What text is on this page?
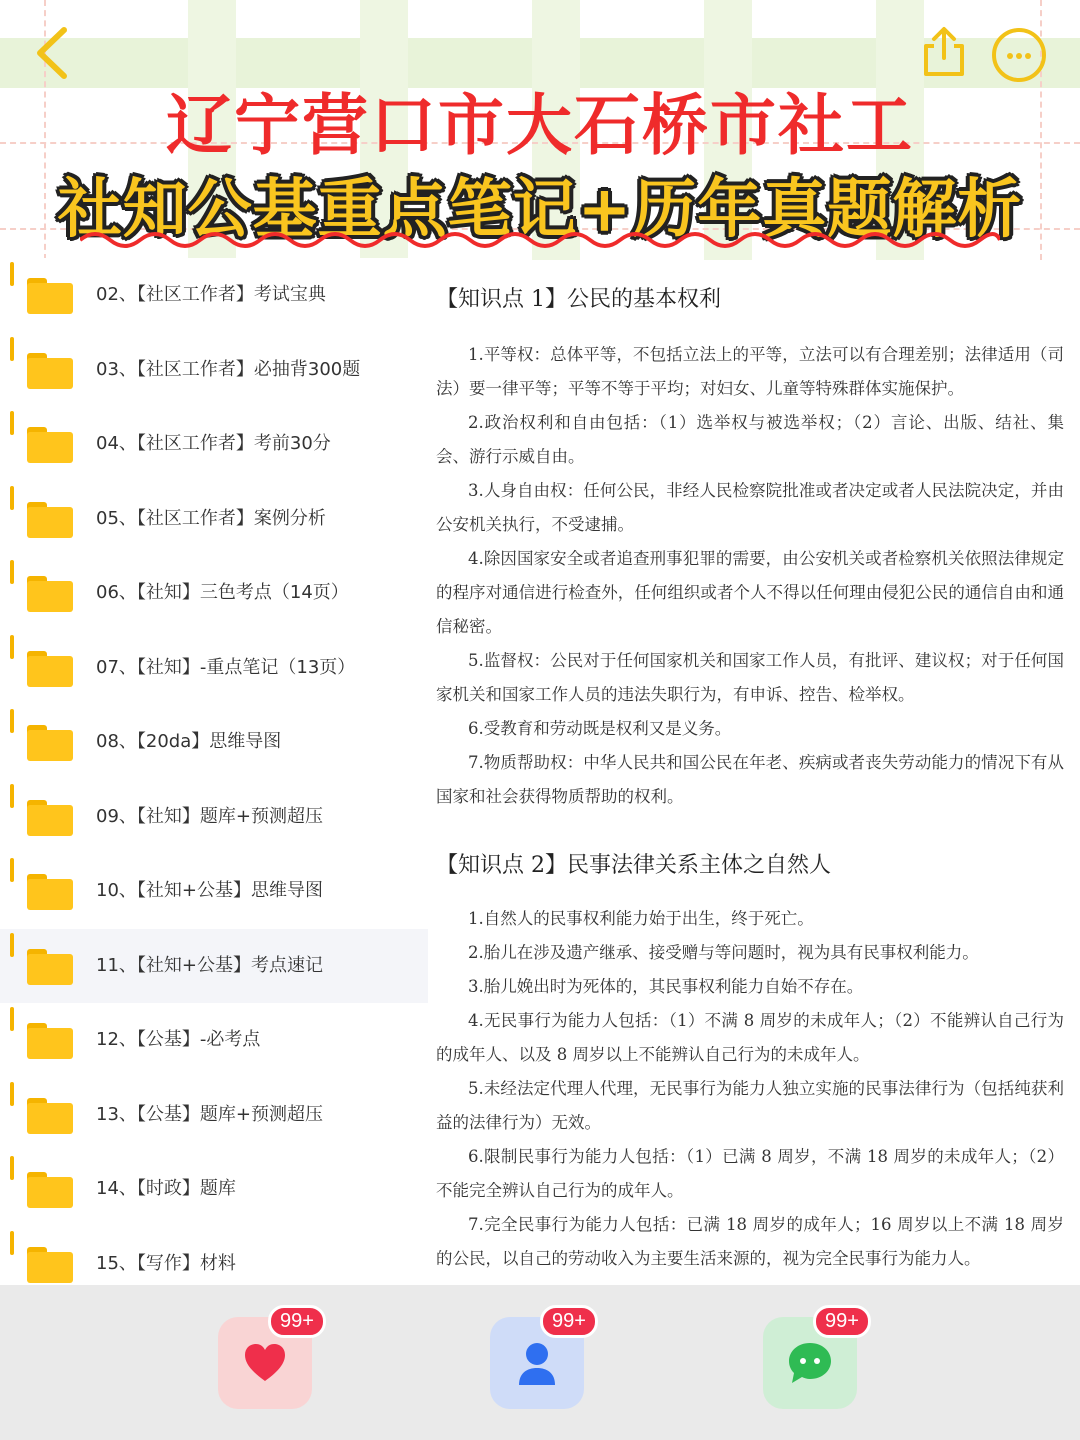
辽宁营口市大石桥市社工
社知公基重点笔记+历年真题解析
02、【社区工作者】考试宝典
03、【社区工作者】必抽背300题
04、【社区工作者】考前30分
05、【社区工作者】案例分析
06、【社知】三色考点（14页）
07、【社知】-重点笔记（13页）
08、【20da】思维导图
09、【社知】题库+预测超压
10、【社知+公基】思维导图
11、【社知+公基】考点速记
12、【公基】-必考点
13、【公基】题库+预测超压
14、【时政】题库
15、【写作】材料
【知识点 1】公民的基本权利
1.平等权：总体平等，不包括立法上的平等，立法可以有合理差别；法律适用（司法）要一律平等；平等不等于平均；对妇女、儿童等特殊群体实施保护。
2.政治权利和自由包括：（1）选举权与被选举权；（2）言论、出版、结社、集会、游行示威自由。
3.人身自由权：任何公民，非经人民检察院批准或者决定或者人民法院决定，并由公安机关执行，不受逮捕。
4.除因国家安全或者追查刑事犯罪的需要，由公安机关或者检察机关依照法律规定的程序对通信进行检查外，任何组织或者个人不得以任何理由侵犯公民的通信自由和通信秘密。
5.监督权：公民对于任何国家机关和国家工作人员，有批评、建议权；对于任何国家机关和国家工作人员的违法失职行为，有申诉、控告、检举权。
6.受教育和劳动既是权利又是义务。
7.物质帮助权：中华人民共和国公民在年老、疾病或者丧失劳动能力的情况下有从国家和社会获得物质帮助的权利。
【知识点 2】民事法律关系主体之自然人
1.自然人的民事权利能力始于出生，终于死亡。
2.胎儿在涉及遗产继承、接受赠与等问题时，视为具有民事权利能力。
3.胎儿娩出时为死体的，其民事权利能力自始不存在。
4.无民事行为能力人包括：（1）不满 8 周岁的未成年人；（2）不能辨认自己行为的成年人、以及 8 周岁以上不能辨认自己行为的未成年人。
5.未经法定代理人代理，无民事行为能力人独立实施的民事法律行为（包括纯获利益的法律行为）无效。
6.限制民事行为能力人包括：（1）已满 8 周岁，不满 18 周岁的未成年人；（2）不能完全辨认自己行为的成年人。
7.完全民事行为能力人包括：已满 18 周岁的成年人；16 周岁以上不满 18 周岁的公民，以自己的劳动收入为主要生活来源的，视为完全民事行为能力人。
99+	99+	99+
